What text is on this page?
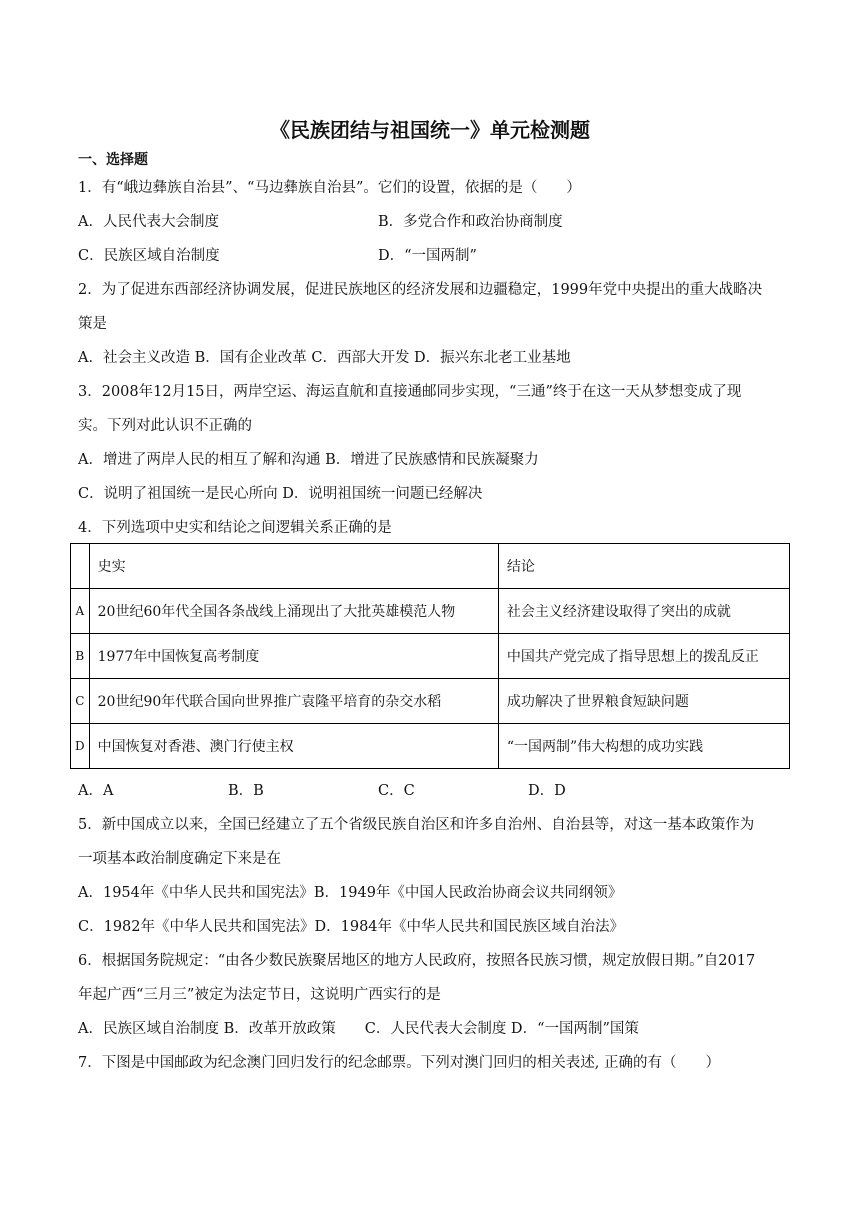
《民族团结与祖国统一》单元检测题
一、选择题
1．有“峨边彝族自治县”、“马边彝族自治县”。它们的设置，依据的是（　　）
A．人民代表大会制度	B．多党合作和政治协商制度
C．民族区域自治制度	D．“一国两制”
2．为了促进东西部经济协调发展，促进民族地区的经济发展和边疆稳定，1999年党中央提出的重大战略决
策是
A．社会主义改造 B．国有企业改革 C．西部大开发 D．振兴东北老工业基地
3．2008年12月15日，两岸空运、海运直航和直接通邮同步实现，“三通”终于在这一天从梦想变成了现
实。下列对此认识不正确的
A．增进了两岸人民的相互了解和沟通 B．增进了民族感情和民族凝聚力
C．说明了祖国统一是民心所向 D．说明祖国统一问题已经解决
4．下列选项中史实和结论之间逻辑关系正确的是
	史实	结论
A	20世纪60年代全国各条战线上涌现出了大批英雄模范人物	社会主义经济建设取得了突出的成就
B	1977年中国恢复高考制度	中国共产党完成了指导思想上的拨乱反正
C	20世纪90年代联合国向世界推广袁隆平培育的杂交水稻	成功解决了世界粮食短缺问题
D	中国恢复对香港、澳门行使主权	“一国两制”伟大构想的成功实践
A．A	B．B	C．C	D．D
5．新中国成立以来，全国已经建立了五个省级民族自治区和许多自治州、自治县等，对这一基本政策作为
一项基本政治制度确定下来是在
A．1954年《中华人民共和国宪法》B．1949年《中国人民政治协商会议共同纲领》
C．1982年《中华人民共和国宪法》D．1984年《中华人民共和国民族区域自治法》
6．根据国务院规定：“由各少数民族聚居地区的地方人民政府，按照各民族习惯，规定放假日期。”自2017
年起广西“三月三”被定为法定节日，这说明广西实行的是
A．民族区域自治制度 B．改革开放政策　　C．人民代表大会制度 D．“一国两制”国策
7．下图是中国邮政为纪念澳门回归发行的纪念邮票。下列对澳门回归的相关表述, 正确的有（　　）
